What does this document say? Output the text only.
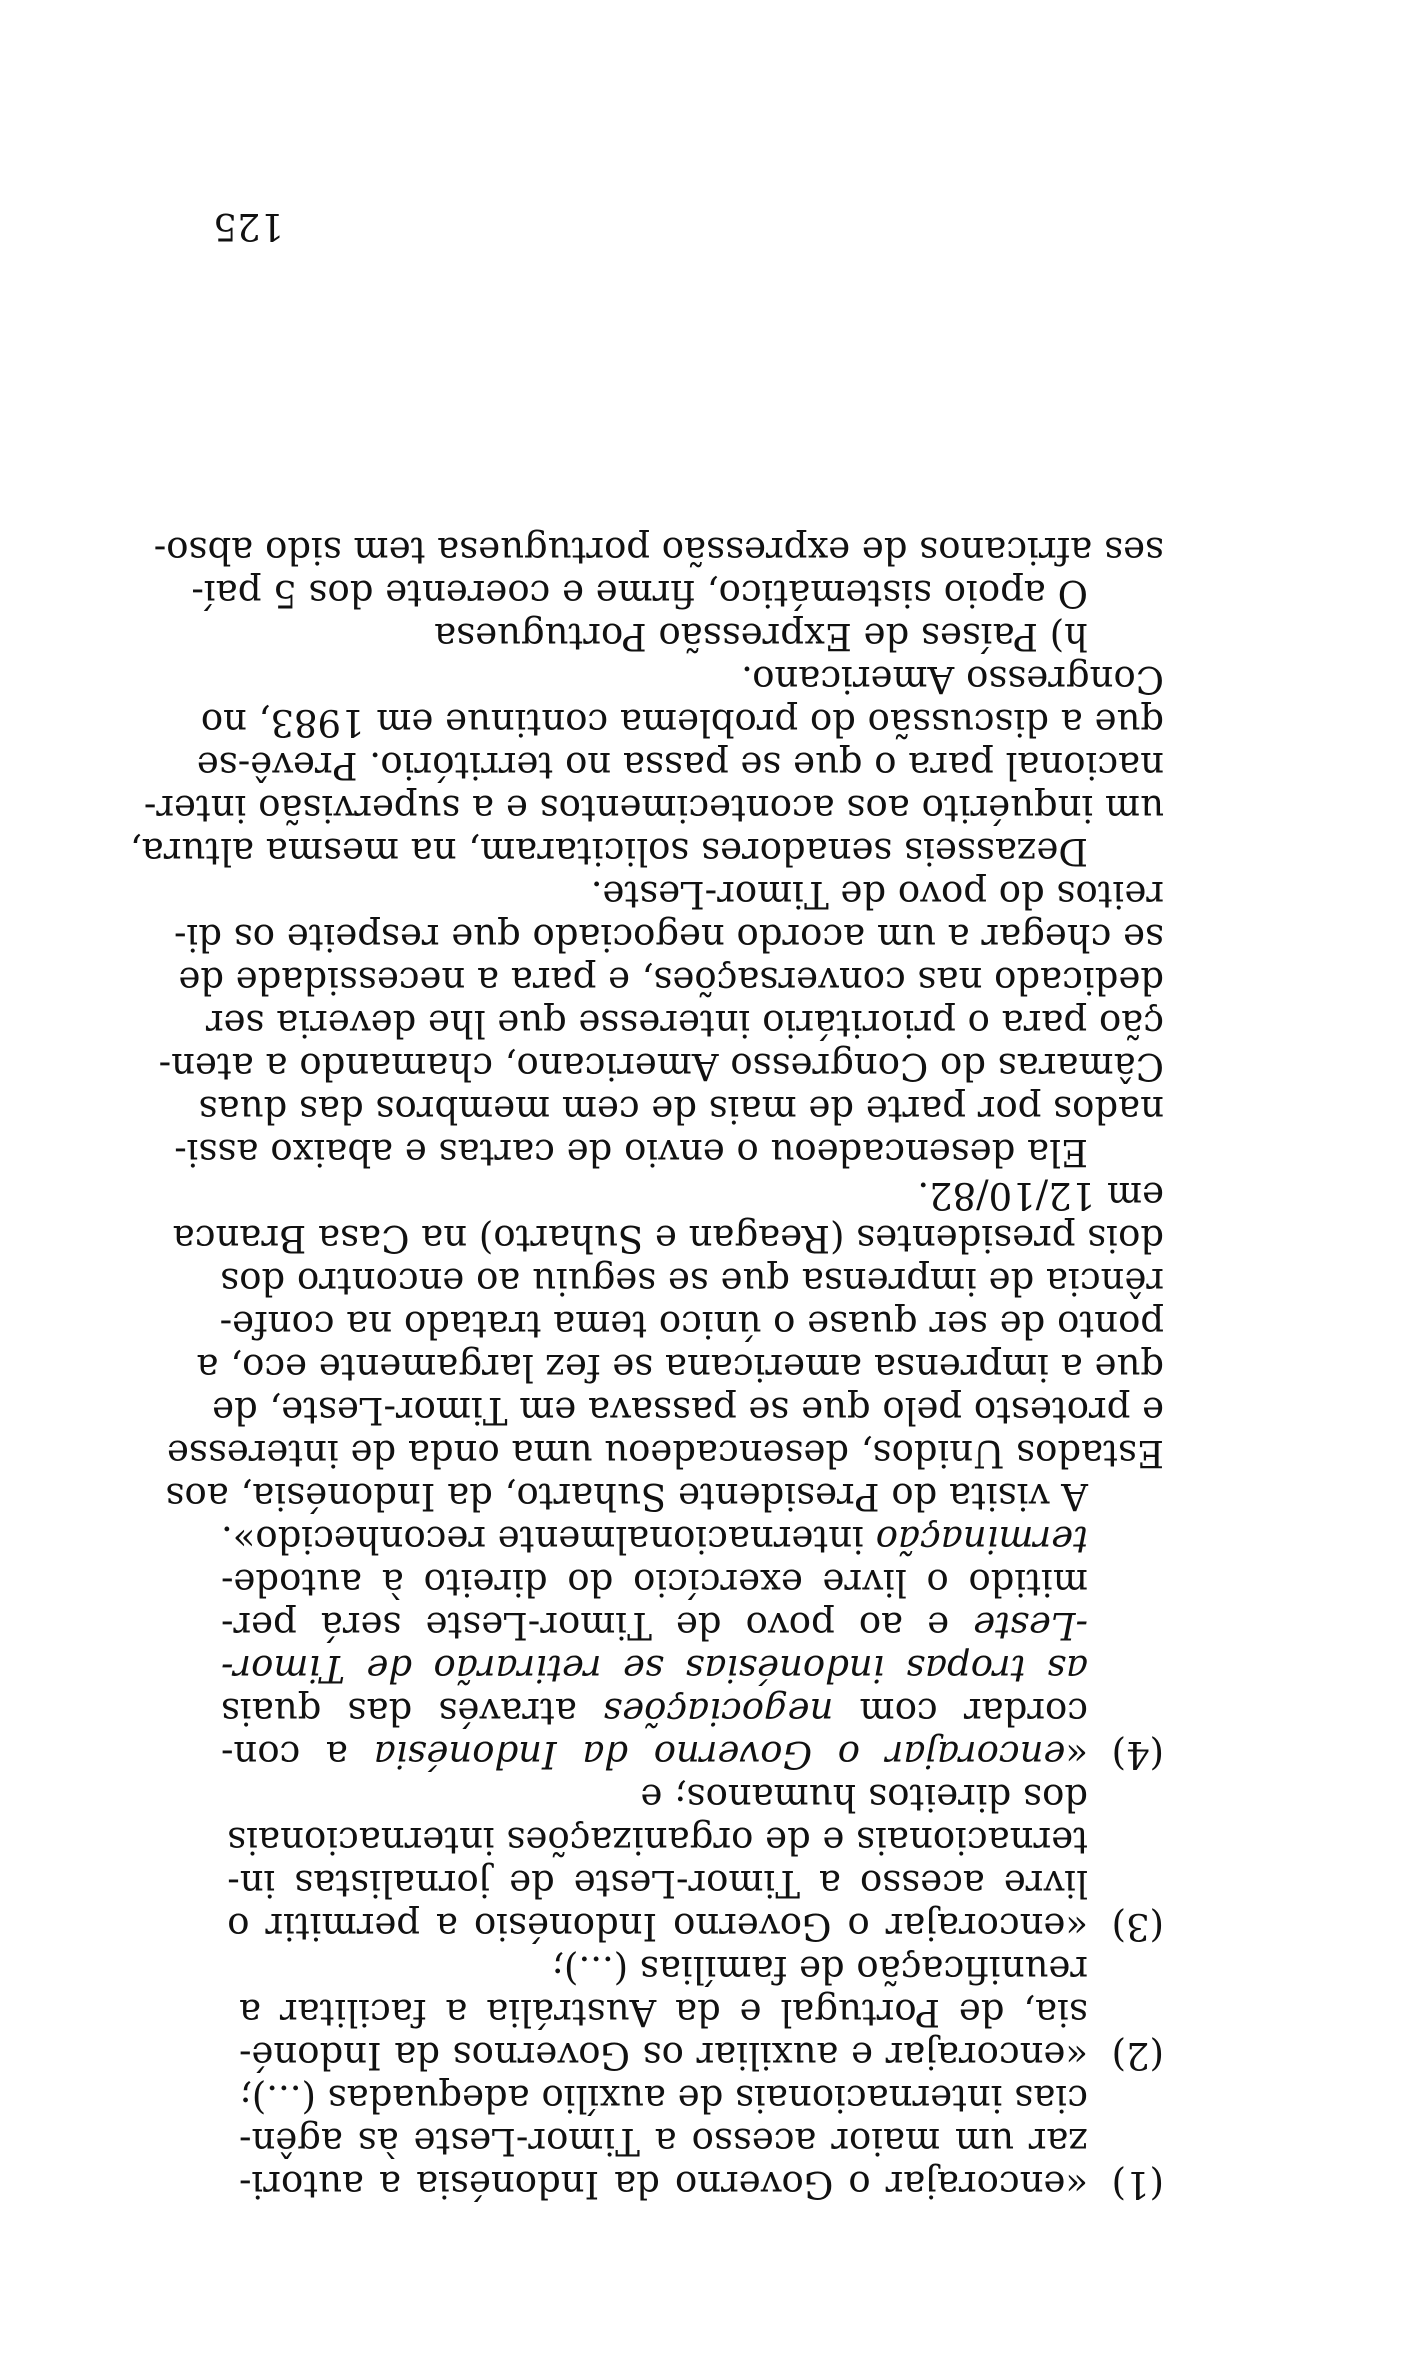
(1)
«encorajar o Governo da Indonésia a autori-
zar um maior acesso a Timor-Leste às agên-
cias internacionais de auxílio adequadas (...);
(2)
«encorajar e auxiliar os Governos da Indoné-
sia, de Portugal e da Austrália a facilitar a
reunificação de famílias (...);
(3)
«encorajar o Governo Indonésio a permitir o
livre acesso a Timor-Leste de jornalistas in-
ternacionais e de organizações internacionais
dos direitos humanos; e
(4)
«encorajar o Governo da Indonésia a con-
cordar com negociações através das quais
as tropas indonésias se retirarão de Timor-
-Leste e ao povo de Timor-Leste será per-
mitido o livre exercício do direito à autode-
terminação internacionalmente reconhecido».
A visita do Presidente Suharto, da Indonésia, aos
Estados Unidos, desencadeou uma onda de interesse
e protesto pelo que se passava em Timor-Leste, de
que a imprensa americana se fez largamente eco, a
ponto de ser quase o único tema tratado na confe-
rência de imprensa que se seguiu ao encontro dos
dois presidentes (Reagan e Suharto) na Casa Branca
em 12/10/82.
Ela desencadeou o envio de cartas e abaixo assi-
nados por parte de mais de cem membros das duas
Câmaras do Congresso Americano, chamando a aten-
ção para o prioritário interesse que lhe deveria ser
dedicado nas conversações, e para a necessidade de
se chegar a um acordo negociado que respeite os di-
reitos do povo de Timor-Leste.
Dezasseis senadores solicitaram, na mesma altura,
um inquérito aos acontecimentos e a supervisão inter-
nacional para o que se passa no território. Prevê-se
que a discussão do problema continue em 1983, no
Congresso Americano.
h) Países de Expressão Portuguesa
O apoio sistemático, firme e coerente dos 5 paí-
ses africanos de expressão portuguesa tem sido abso-
125
